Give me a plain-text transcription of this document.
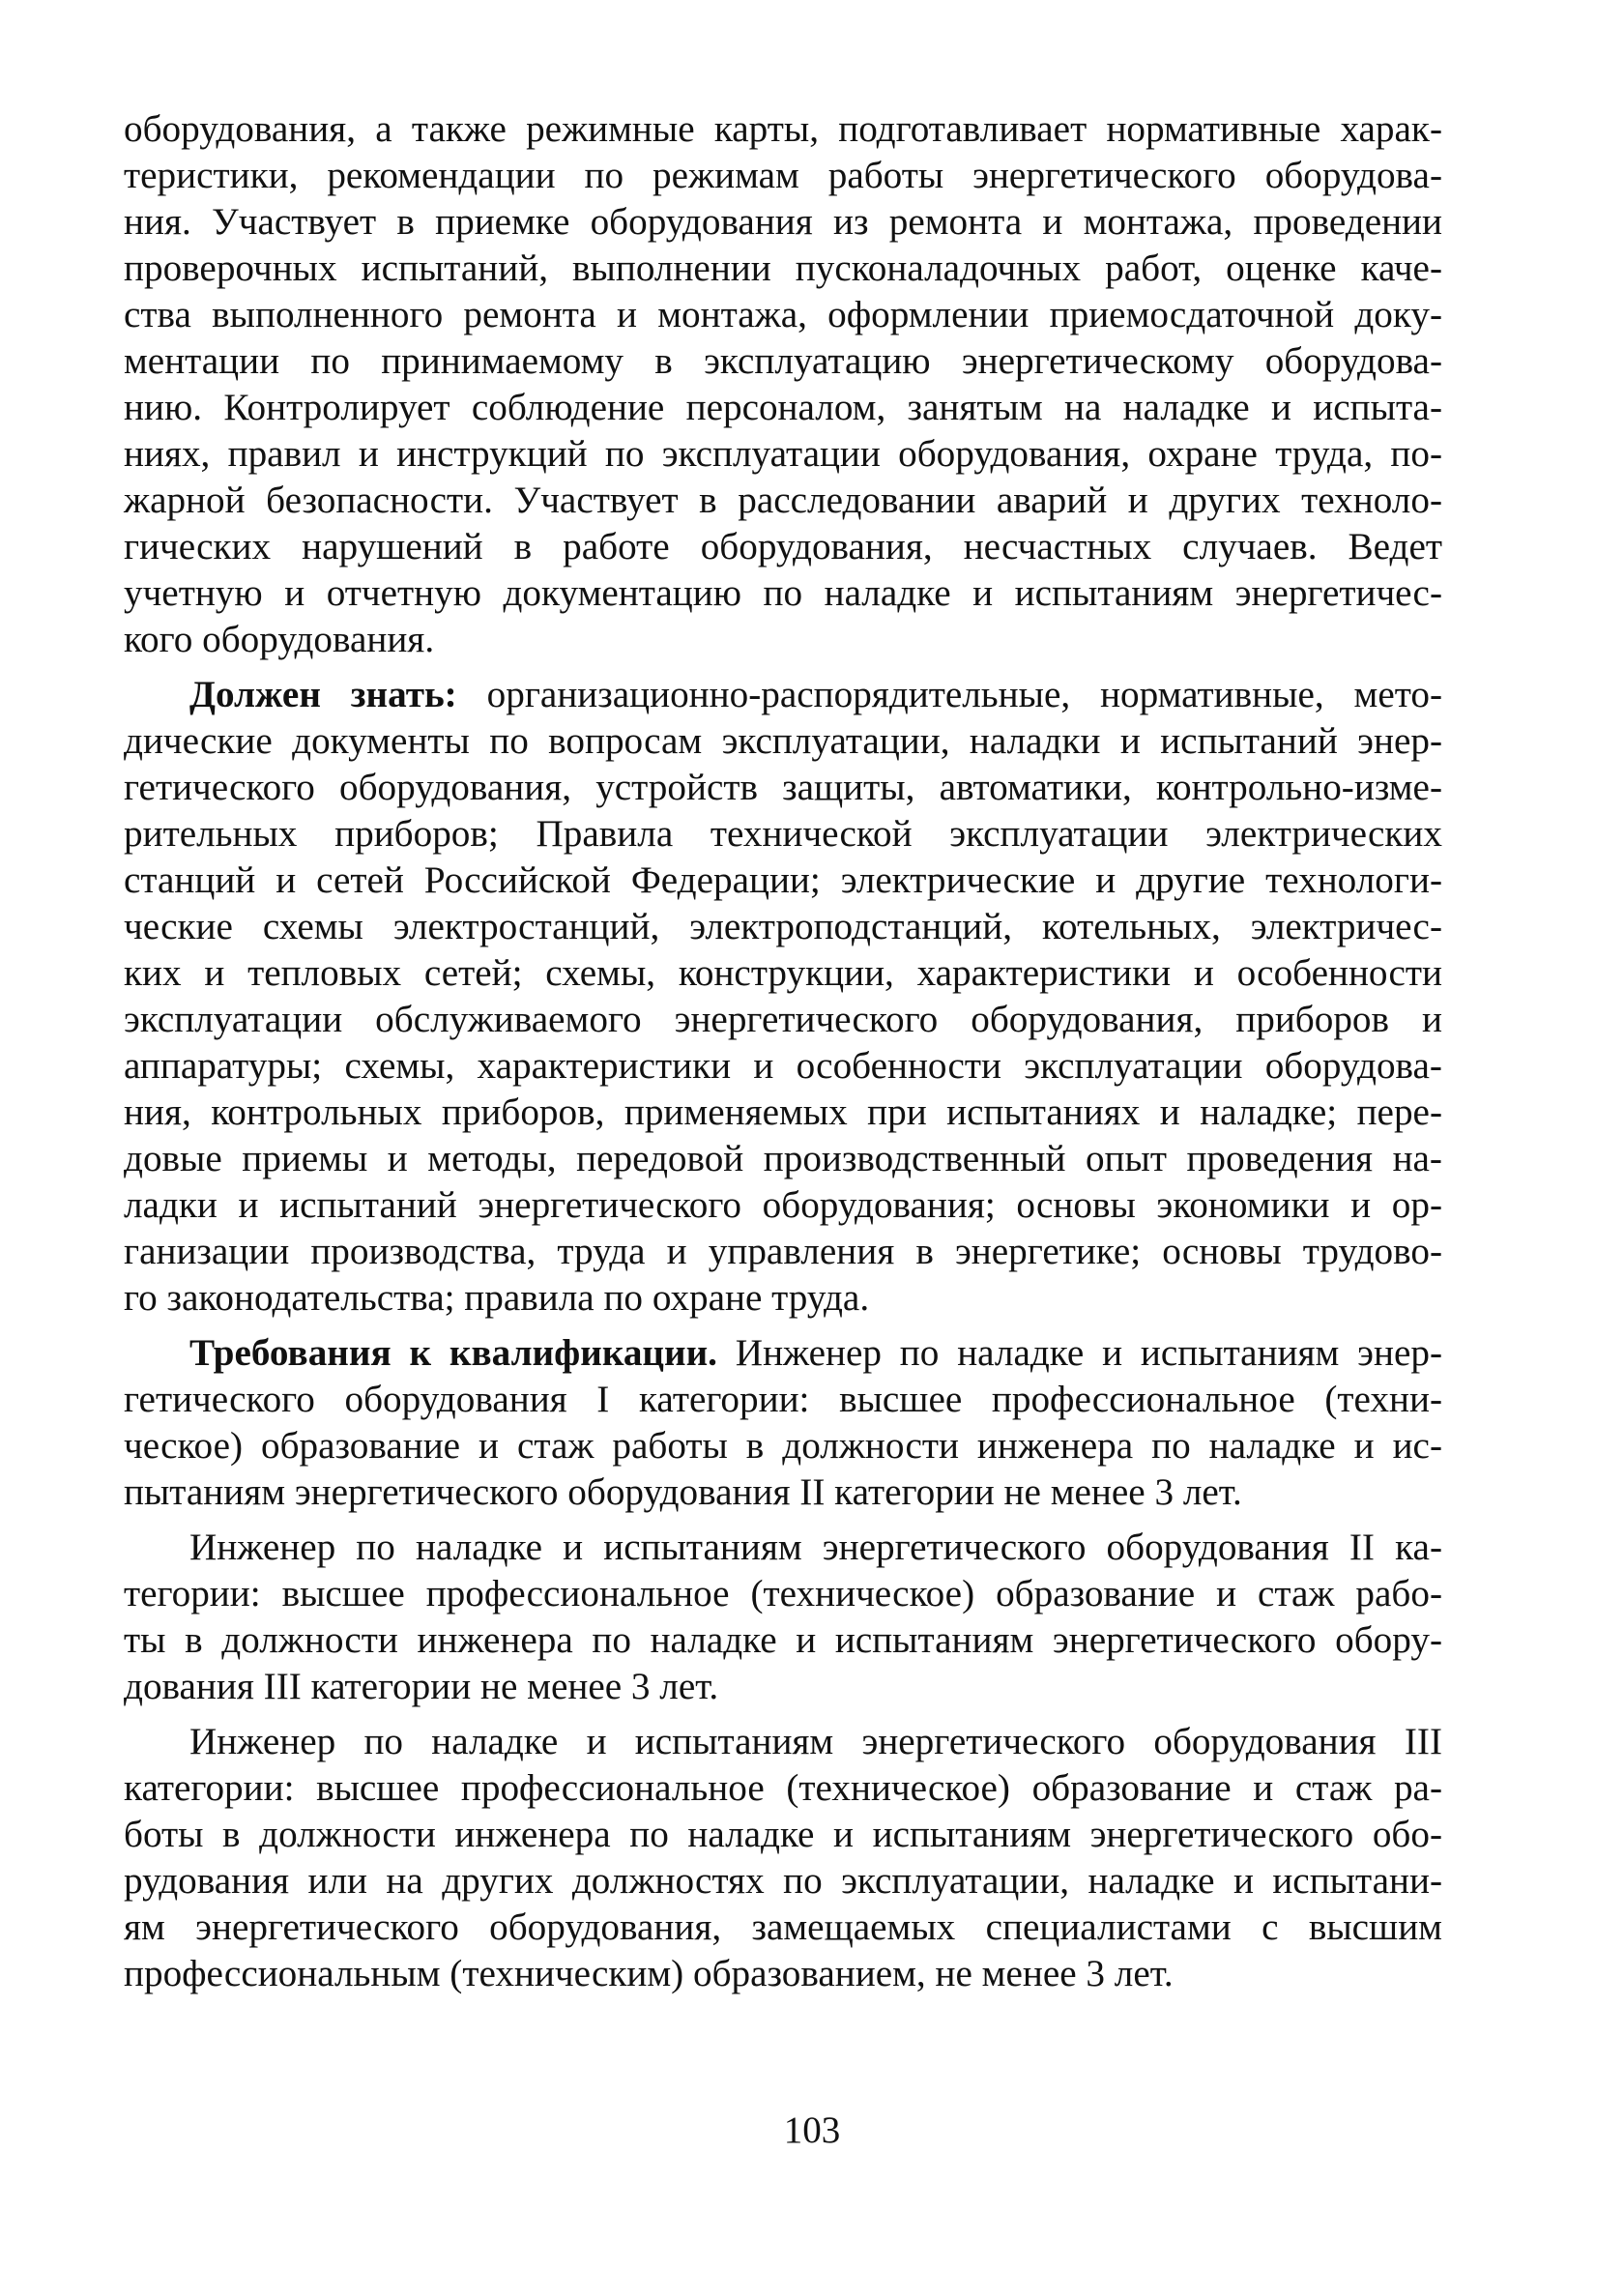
оборудования, а также режимные карты, подготавливает нормативные харак-
теристики, рекомендации по режимам работы энергетического оборудова-
ния. Участвует в приемке оборудования из ремонта и монтажа, проведении
проверочных испытаний, выполнении пусконаладочных работ, оценке каче-
ства выполненного ремонта и монтажа, оформлении приемосдаточной доку-
ментации по принимаемому в эксплуатацию энергетическому оборудова-
нию. Контролирует соблюдение персоналом, занятым на наладке и испыта-
ниях, правил и инструкций по эксплуатации оборудования, охране труда, по-
жарной безопасности. Участвует в расследовании аварий и других техноло-
гических нарушений в работе оборудования, несчастных случаев. Ведет
учетную и отчетную документацию по наладке и испытаниям энергетичес-
кого оборудования.
Должен знать: организационно-распорядительные, нормативные, мето-
дические документы по вопросам эксплуатации, наладки и испытаний энер-
гетического оборудования, устройств защиты, автоматики, контрольно-изме-
рительных приборов; Правила технической эксплуатации электрических
станций и сетей Российской Федерации; электрические и другие технологи-
ческие схемы электростанций, электроподстанций, котельных, электричес-
ких и тепловых сетей; схемы, конструкции, характеристики и особенности
эксплуатации обслуживаемого энергетического оборудования, приборов и
аппаратуры; схемы, характеристики и особенности эксплуатации оборудова-
ния, контрольных приборов, применяемых при испытаниях и наладке; пере-
довые приемы и методы, передовой производственный опыт проведения на-
ладки и испытаний энергетического оборудования; основы экономики и ор-
ганизации производства, труда и управления в энергетике; основы трудово-
го законодательства; правила по охране труда.
Требования к квалификации. Инженер по наладке и испытаниям энер-
гетического оборудования I категории: высшее профессиональное (техни-
ческое) образование и стаж работы в должности инженера по наладке и ис-
пытаниям энергетического оборудования II категории не менее 3 лет.
Инженер по наладке и испытаниям энергетического оборудования II ка-
тегории: высшее профессиональное (техническое) образование и стаж рабо-
ты в должности инженера по наладке и испытаниям энергетического обору-
дования III категории не менее 3 лет.
Инженер по наладке и испытаниям энергетического оборудования III
категории: высшее профессиональное (техническое) образование и стаж ра-
боты в должности инженера по наладке и испытаниям энергетического обо-
рудования или на других должностях по эксплуатации, наладке и испытани-
ям энергетического оборудования, замещаемых специалистами с высшим
профессиональным (техническим) образованием, не менее 3 лет.
103
